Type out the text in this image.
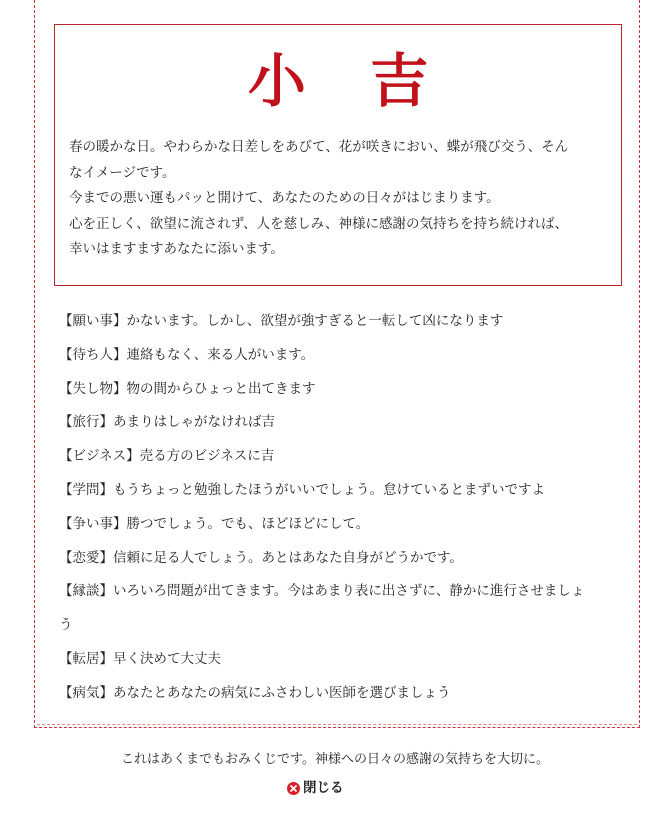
小 吉
春の暖かな日。やわらかな日差しをあびて、花が咲きにおい、蝶が飛び交う、そん
なイメージです。
今までの悪い運もパッと開けて、あなたのための日々がはじまります。
心を正しく、欲望に流されず、人を慈しみ、神様に感謝の気持ちを持ち続ければ、
幸いはますますあなたに添います。
【願い事】かないます。しかし、欲望が強すぎると一転して凶になります
【待ち人】連絡もなく、来る人がいます。
【失し物】物の間からひょっと出てきます
【旅行】あまりはしゃがなければ吉
【ビジネス】売る方のビジネスに吉
【学問】もうちょっと勉強したほうがいいでしょう。怠けているとまずいですよ
【争い事】勝つでしょう。でも、ほどほどにして。
【恋愛】信頼に足る人でしょう。あとはあなた自身がどうかです。
【縁談】いろいろ問題が出てきます。今はあまり表に出さずに、静かに進行させましょ
う
【転居】早く決めて大丈夫
【病気】あなたとあなたの病気にふさわしい医師を選びましょう
これはあくまでもおみくじです。神様への日々の感謝の気持ちを大切に。
閉じる
